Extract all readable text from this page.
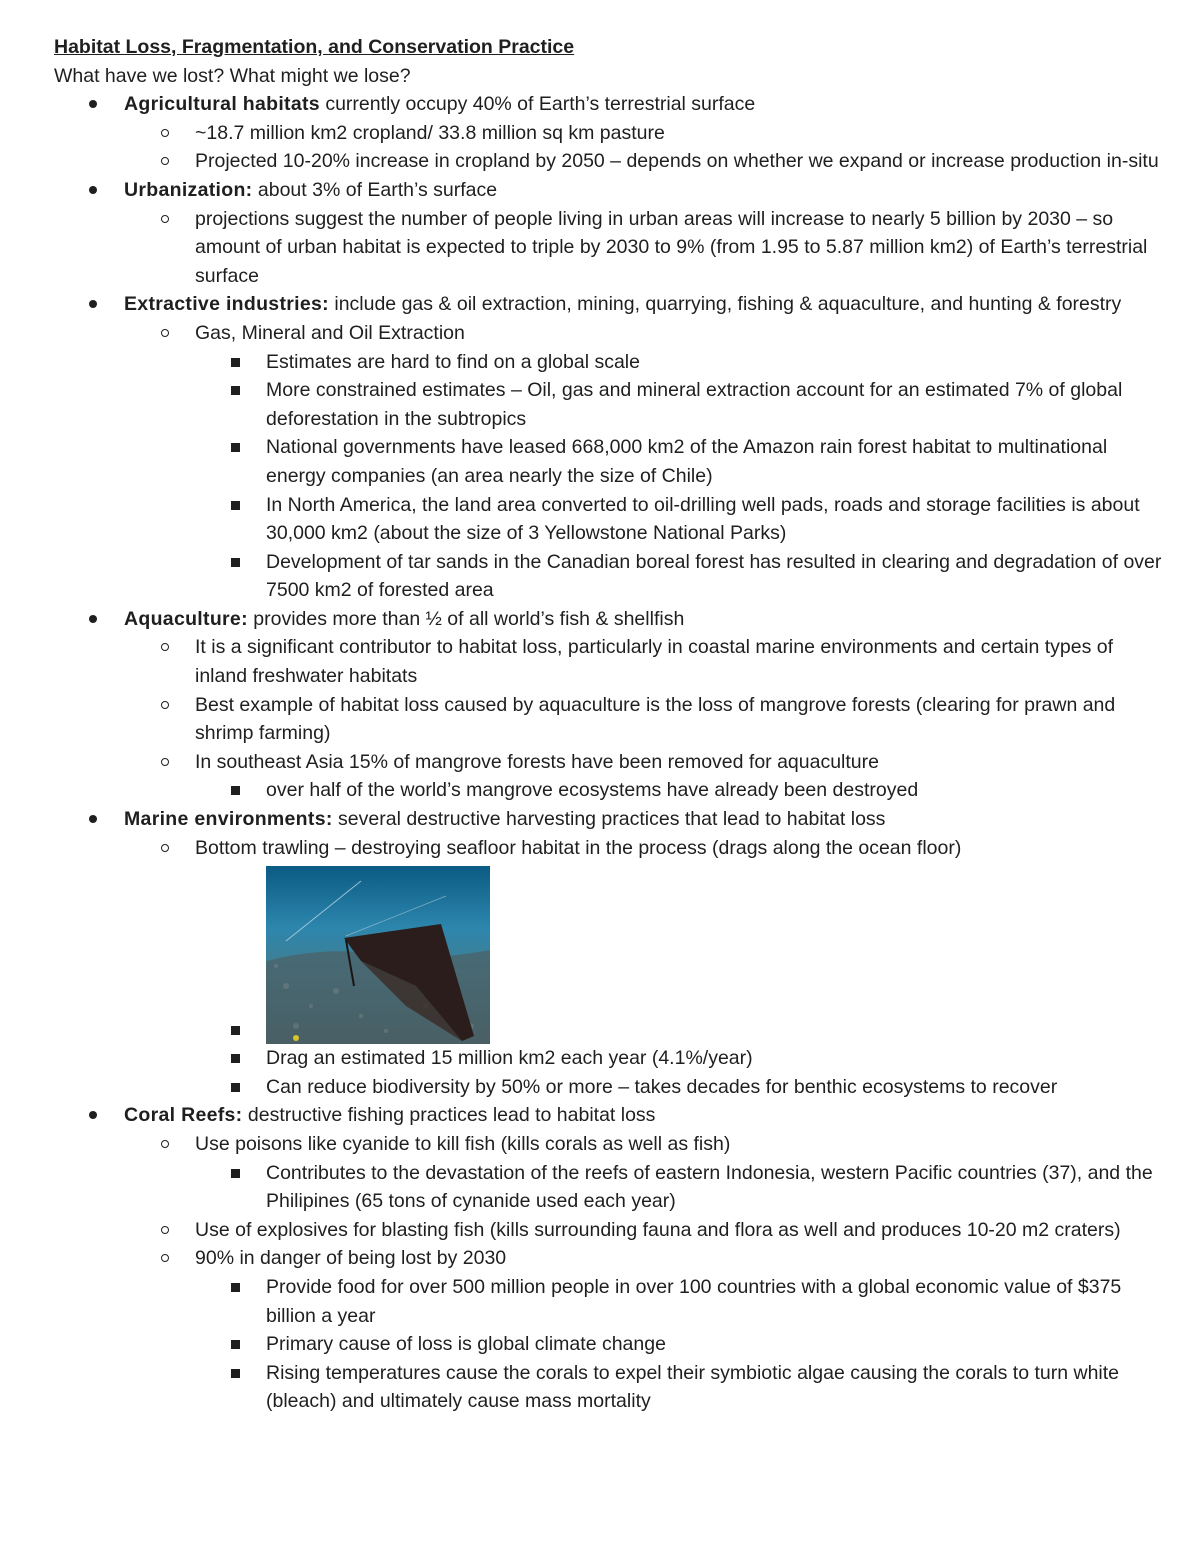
Habitat Loss, Fragmentation, and Conservation Practice
What have we lost? What might we lose?
Agricultural habitats currently occupy 40% of Earth’s terrestrial surface
~18.7 million km2 cropland/ 33.8 million sq km pasture
Projected 10-20% increase in cropland by 2050 – depends on whether we expand or increase production in-situ
Urbanization: about 3% of Earth’s surface
projections suggest the number of people living in urban areas will increase to nearly 5 billion by 2030 – so amount of urban habitat is expected to triple by 2030 to 9% (from 1.95 to 5.87 million km2) of Earth’s terrestrial surface
Extractive industries: include gas & oil extraction, mining, quarrying, fishing & aquaculture, and hunting & forestry
Gas, Mineral and Oil Extraction
Estimates are hard to find on a global scale
More constrained estimates – Oil, gas and mineral extraction account for an estimated 7% of global deforestation in the subtropics
National governments have leased 668,000 km2 of the Amazon rain forest habitat to multinational energy companies (an area nearly the size of Chile)
In North America, the land area converted to oil-drilling well pads, roads and storage facilities is about 30,000 km2 (about the size of 3 Yellowstone National Parks)
Development of tar sands in the Canadian boreal forest has resulted in clearing and degradation of over 7500 km2 of forested area
Aquaculture: provides more than ½ of all world’s fish & shellfish
It is a significant contributor to habitat loss, particularly in coastal marine environments and certain types of inland freshwater habitats
Best example of habitat loss caused by aquaculture is the loss of mangrove forests (clearing for prawn and shrimp farming)
In southeast Asia 15% of mangrove forests have been removed for aquaculture
over half of the world’s mangrove ecosystems have already been destroyed
Marine environments: several destructive harvesting practices that lead to habitat loss
Bottom trawling – destroying seafloor habitat in the process (drags along the ocean floor)
Drag an estimated 15 million km2 each year (4.1%/year)
Can reduce biodiversity by 50% or more – takes decades for benthic ecosystems to recover
Coral Reefs: destructive fishing practices lead to habitat loss
Use poisons like cyanide to kill fish (kills corals as well as fish)
Contributes to the devastation of the reefs of eastern Indonesia, western Pacific countries (37), and the Philipines (65 tons of cynanide used each year)
Use of explosives for blasting fish (kills surrounding fauna and flora as well and produces 10-20 m2 craters)
90% in danger of being lost by 2030
Provide food for over 500 million people in over 100 countries with a global economic value of $375 billion a year
Primary cause of loss is global climate change
Rising temperatures cause the corals to expel their symbiotic algae causing the corals to turn white (bleach) and ultimately cause mass mortality
